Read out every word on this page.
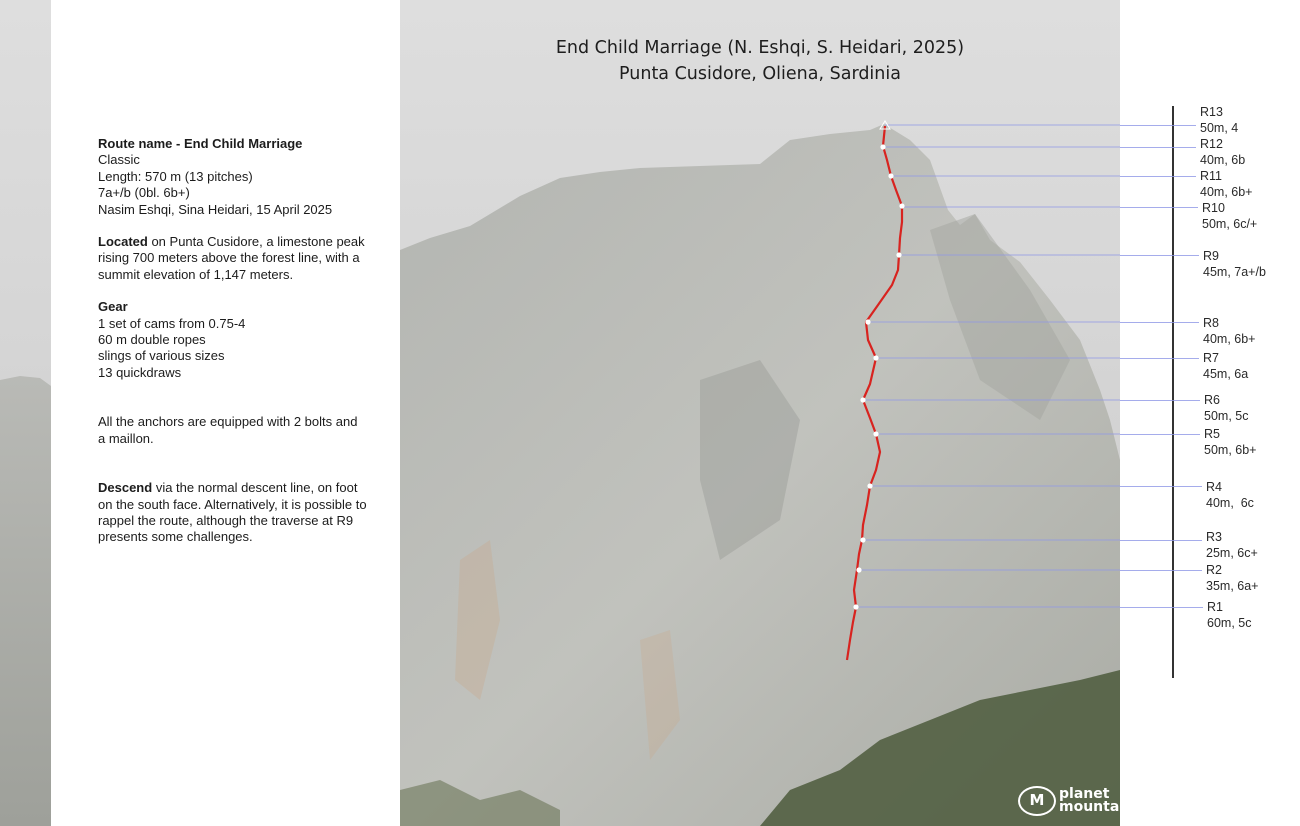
End Child Marriage (N. Eshqi, S. Heidari, 2025)
Punta Cusidore, Oliena, Sardinia

Route name - End Child Marriage

Classic

Length: 570 m (13 pitches)

7a+/b (0bl. 6b+)

Nasim Eshqi, Sina Heidari, 15 April 2025

Located on Punta Cusidore, a limestone peak rising 700 meters above the forest line, with a summit elevation of 1,147 meters.

Gear

1 set of cams from 0.75-4

60 m double ropes

slings of various sizes

13 quickdraws

All the anchors are equipped with 2 bolts and a maillon.

Descend via the normal descent line, on foot on the south face. Alternatively, it is possible to rappel the route, although the traverse at R9 presents some challenges.

R13
50m, 4
R12
40m, 6b
R11
40m, 6b+
R10
50m, 6c/+
R9
45m, 7a+/b
R8
40m, 6b+
R7
45m, 6a
R6
50m, 5c
R5
50m, 6b+
R4
40m,  6c
R3
25m, 6c+
R2
35m, 6a+
R1
60m, 5c
M planet
mountain
